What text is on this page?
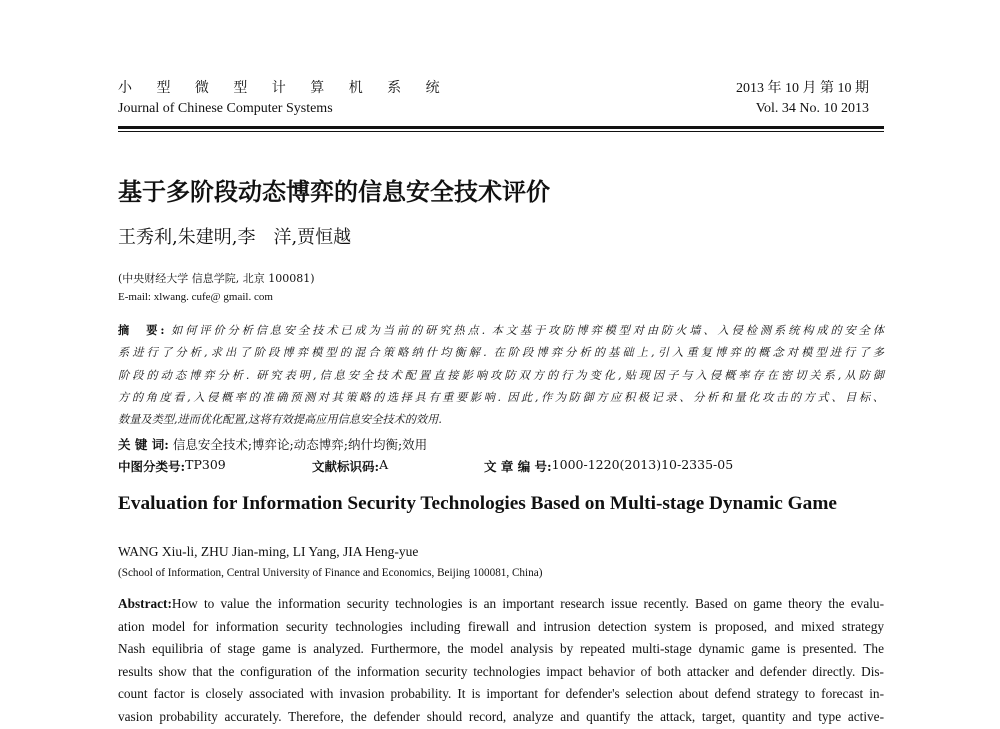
小 型 微 型 计 算 机 系 统
Journal of Chinese Computer Systems
2013 年 10 月 第 10 期
Vol. 34 No. 10 2013
基于多阶段动态博弈的信息安全技术评价
王秀利,朱建明,李　洋,贾恒越
(中央财经大学 信息学院, 北京 100081)
E-mail: xlwang. cufe@ gmail. com
摘　要: 如何评价分析信息安全技术已成为当前的研究热点. 本文基于攻防博弈模型对由防火墙、入侵检测系统构成的安全体
系进行了分析,求出了阶段博弈模型的混合策略纳什均衡解. 在阶段博弈分析的基础上,引入重复博弈的概念对模型进行了多
阶段的动态博弈分析. 研究表明,信息安全技术配置直接影响攻防双方的行为变化,贴现因子与入侵概率存在密切关系,从防御
方的角度看,入侵概率的准确预测对其策略的选择具有重要影响. 因此,作为防御方应积极记录、分析和量化攻击的方式、目标、
数量及类型,进而优化配置,这将有效提高应用信息安全技术的效用.
关 键 词: 信息安全技术;博弈论;动态博弈;纳什均衡;效用
中图分类号: TP309	文献标识码: A	文 章 编 号: 1000-1220(2013)10-2335-05
Evaluation for Information Security Technologies Based on Multi-stage Dynamic Game
WANG Xiu-li, ZHU Jian-ming, LI Yang, JIA Heng-yue
(School of Information, Central University of Finance and Economics, Beijing 100081, China)
Abstract:How to value the information security technologies is an important research issue recently. Based on game theory the evalu-
ation model for information security technologies including firewall and intrusion detection system is proposed, and mixed strategy
Nash equilibria of stage game is analyzed. Furthermore, the model analysis by repeated multi-stage dynamic game is presented. The
results show that the configuration of the information security technologies impact behavior of both attacker and defender directly. Dis-
count factor is closely associated with invasion probability. It is important for defender's selection about defend strategy to forecast in-
vasion probability accurately. Therefore, the defender should record, analyze and quantify the attack, target, quantity and type active-
